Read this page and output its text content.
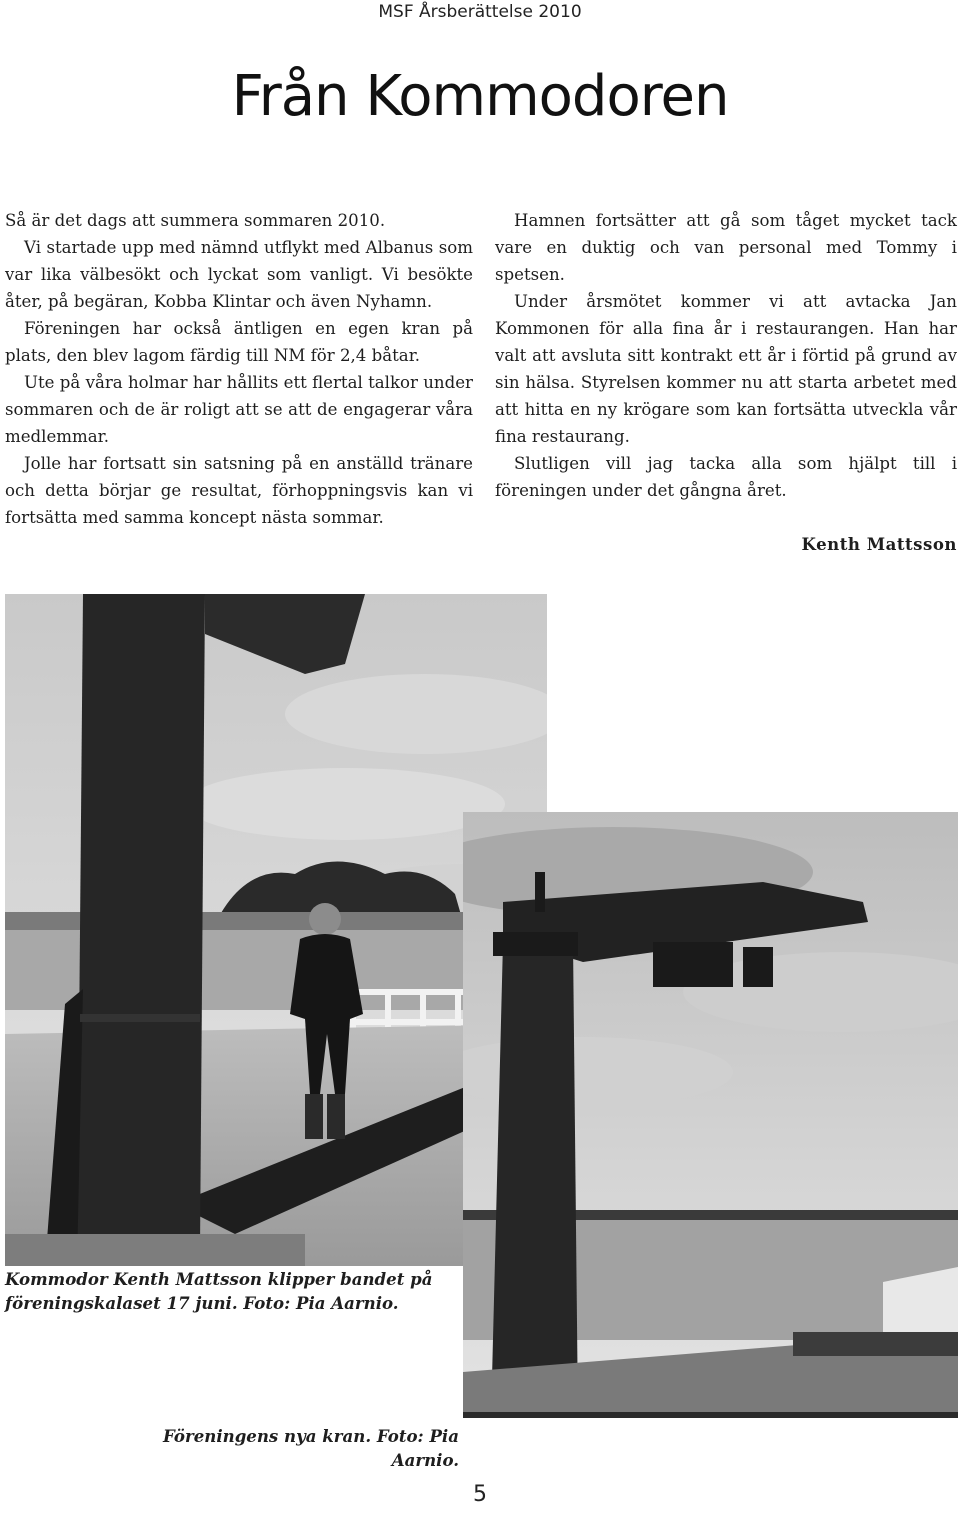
MSF Årsberättelse 2010
Från Kommodoren

Så är det dags att summera sommaren 2010.

Vi startade upp med nämnd utflykt med Albanus som var lika välbesökt och lyckat som vanligt. Vi besökte åter, på begäran, Kobba Klintar och även Nyhamn.

Föreningen har också äntligen en egen kran på plats, den blev lagom färdig till NM för 2,4 båtar.

Ute på våra holmar har hållits ett flertal talkor under sommaren och de är roligt att se att de engagerar våra medlemmar.

Jolle har fortsatt sin satsning på en anställd tränare och detta börjar ge resultat, förhoppningsvis kan vi fortsätta med samma koncept nästa sommar.

Hamnen fortsätter att gå som tåget mycket tack vare en duktig och van personal med Tommy i spetsen.

Under årsmötet kommer vi att avtacka Jan Kommonen för alla fina år i restaurangen. Han har valt att avsluta sitt kontrakt ett år i förtid på grund av sin hälsa. Styrelsen kommer nu att starta arbetet med att hitta en ny krögare som kan fortsätta utveckla vår fina restaurang.

Slutligen vill jag tacka alla som hjälpt till i föreningen under det gångna året.

Kenth Mattsson

Kommodor Kenth Mattsson klipper bandet på föreningskalaset 17 juni. Foto: Pia Aarnio.
Föreningens nya kran. Foto: Pia Aarnio.
5
